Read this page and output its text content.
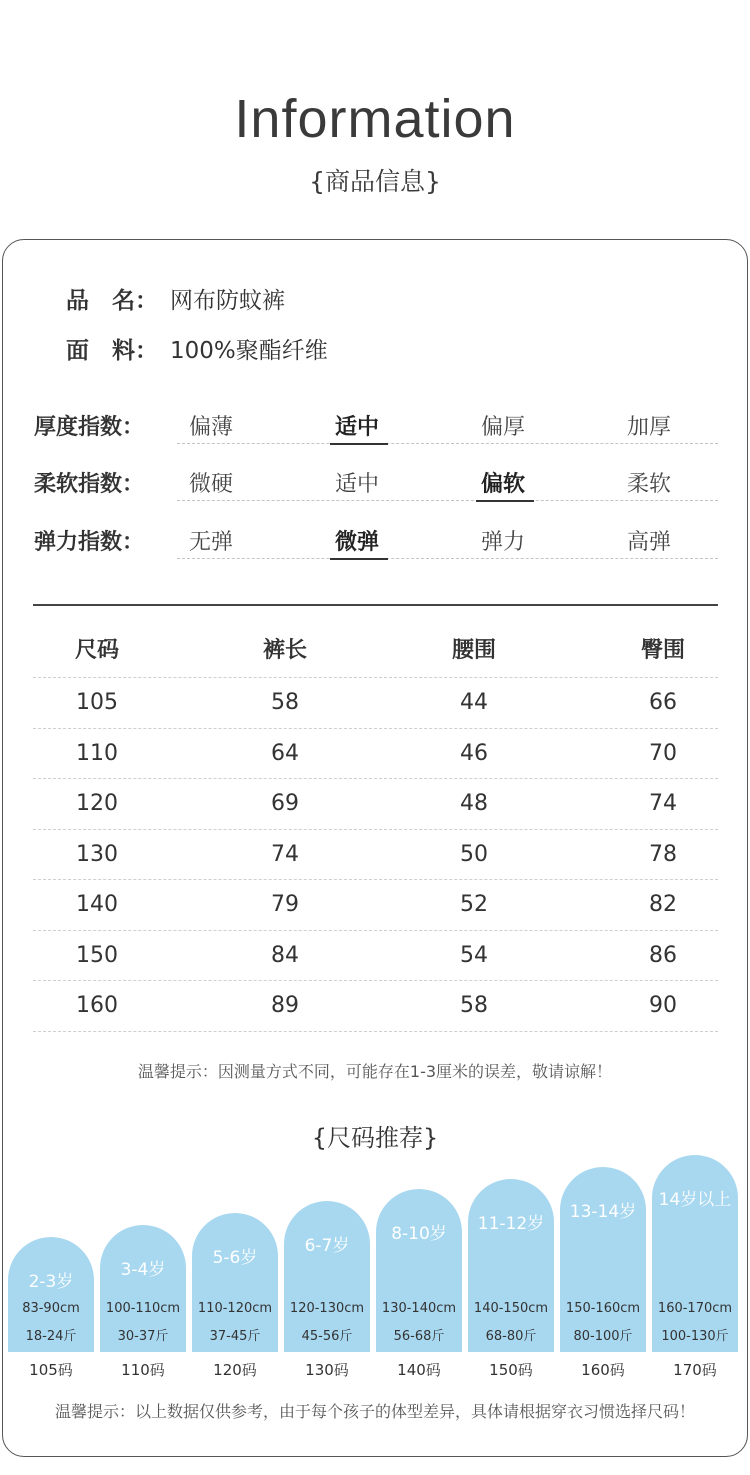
Information
{商品信息}
品　名： 网布防蚊裤
面　料： 100%聚酯纤维
厚度指数： 偏薄	适中	偏厚	加厚
柔软指数： 微硬	适中	偏软	柔软
弹力指数： 无弹	微弹	弹力	高弹
尺码	裤长	腰围	臀围
105	58	44	66
110	64	46	70
120	69	48	74
130	74	50	78
140	79	52	82
150	84	54	86
160	89	58	90
温馨提示：因测量方式不同，可能存在1-3厘米的误差，敬请谅解！
{尺码推荐}
2-3岁
83-90cm
18-24斤
105码
3-4岁
100-110cm
30-37斤
110码
5-6岁
110-120cm
37-45斤
120码
6-7岁
120-130cm
45-56斤
130码
8-10岁
130-140cm
56-68斤
140码
11-12岁
140-150cm
68-80斤
150码
13-14岁
150-160cm
80-100斤
160码
14岁以上
160-170cm
100-130斤
170码
温馨提示：以上数据仅供参考，由于每个孩子的体型差异，具体请根据穿衣习惯选择尺码！
